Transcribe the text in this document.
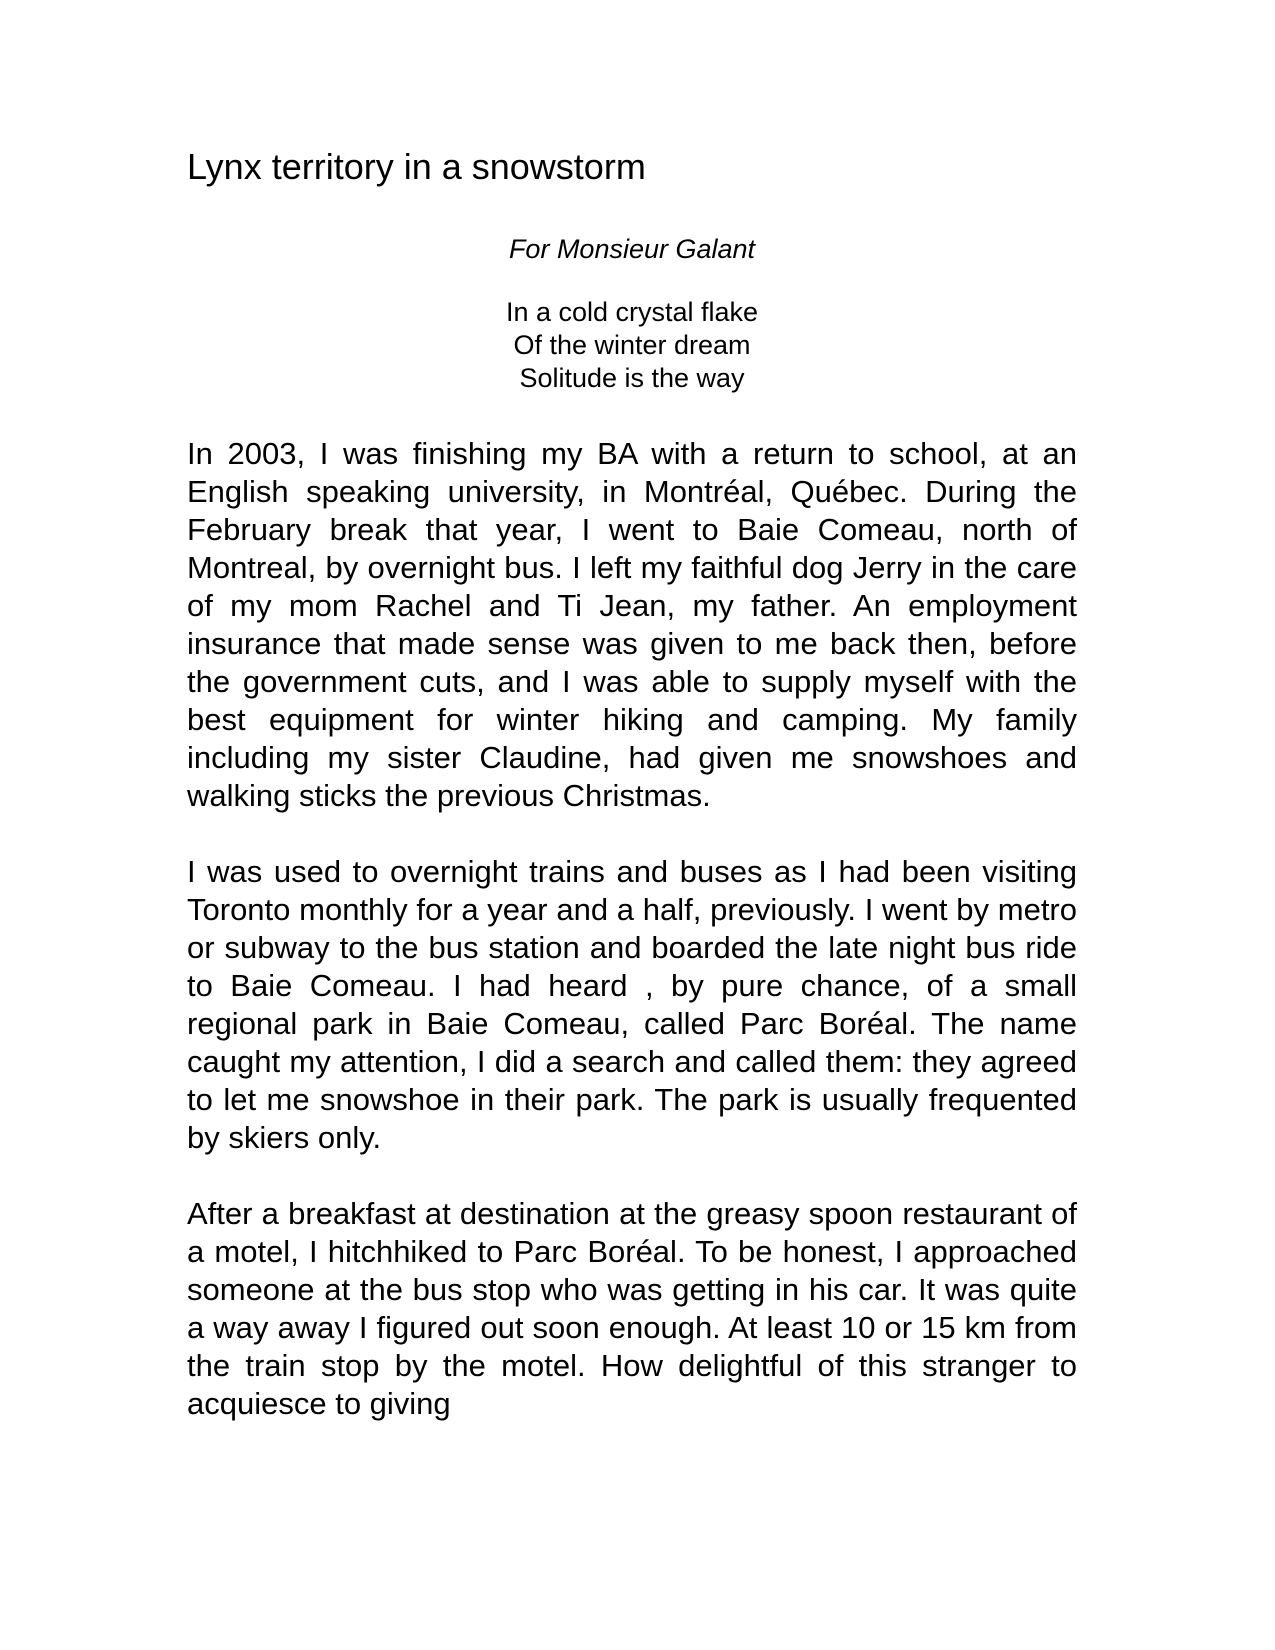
Lynx territory in a snowstorm

For Monsieur Galant

In a cold crystal flake
Of the winter dream
Solitude is the way

In 2003, I was finishing my BA with a return to school, at an English speaking university, in Montréal, Québec. During the February break that year, I went to Baie Comeau, north of Montreal, by overnight bus. I left my faithful dog Jerry in the care of my mom Rachel and Ti Jean, my father. An employment insurance that made sense was given to me back then, before the government cuts, and I was able to supply myself with the best equipment for winter hiking and camping. My family including my sister Claudine, had given me snowshoes and walking sticks the previous Christmas.

I was used to overnight trains and buses as I had been visiting Toronto monthly for a year and a half, previously. I went by metro or subway to the bus station and boarded the late night bus ride to Baie Comeau. I had heard , by pure chance, of a small regional park in Baie Comeau, called Parc Boréal. The name caught my attention, I did a search and called them: they agreed to let me snowshoe in their park. The park is usually frequented by skiers only.

After a breakfast at destination at the greasy spoon restaurant of a motel, I hitchhiked to Parc Boréal. To be honest, I approached someone at the bus stop who was getting in his car. It was quite a way away I figured out soon enough. At least 10 or 15 km from the train stop by the motel. How delightful of this stranger to acquiesce to giving
